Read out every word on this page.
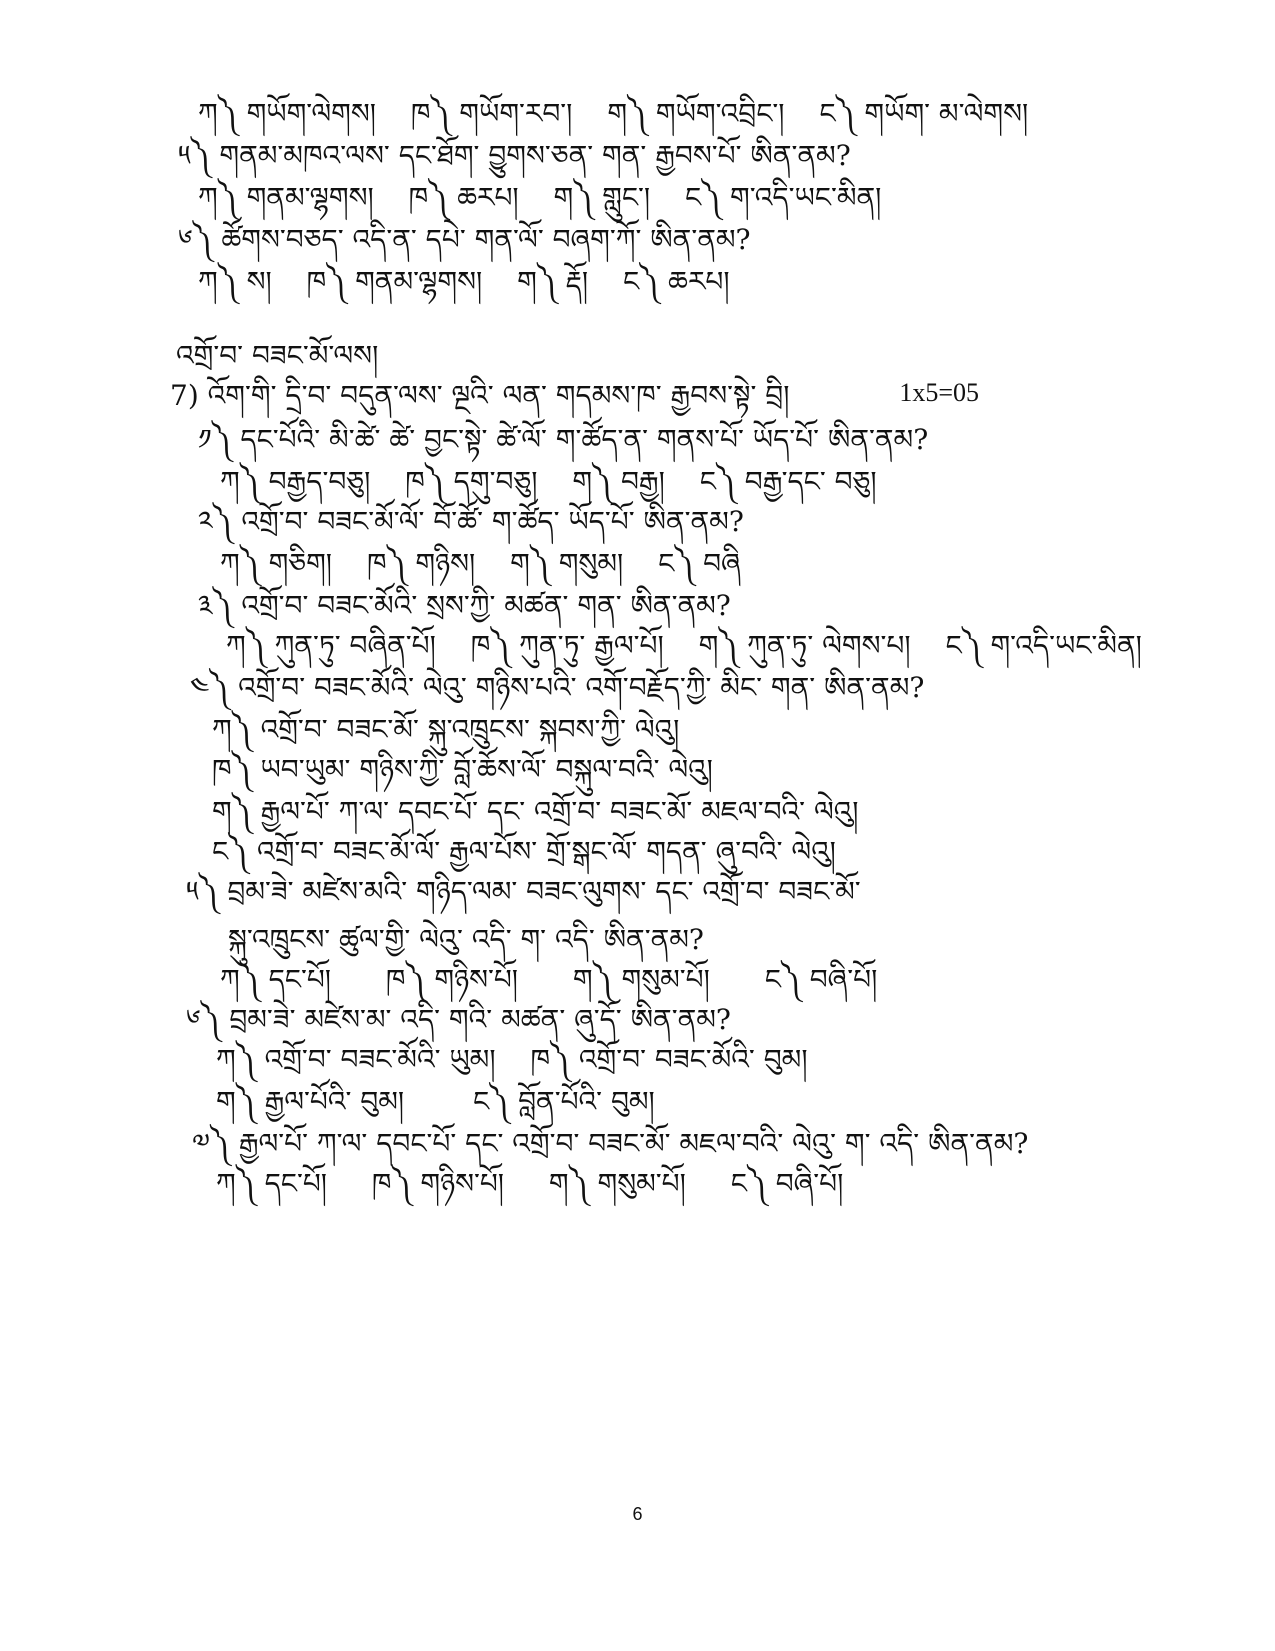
ཀ༽ གཡོག་ལེགས། ཁ༽ གཡོག་རབ་། ག༽ གཡོག་འབྲིང་། ང༽ གཡོག་ མ་ལེགས།
༥༽ གནམ་མཁའ་ལས་ དང་ཐོག་ བྱུགས་ཅན་ གན་ རྒྱབས་པོ་ ཨིན་ནམ?
ཀ༽ གནམ་ལྷགས། ཁ༽ ཆརཔ། ག༽ གླུང་། ང༽ ག་འདི་ཡང་མིན།
༦༽ ཚོགས་བཅད་ འདི་ན་ དཔེ་ གན་ལོ་ བཞག་ཀོ་ ཨིན་ནམ?
ཀ༽ ས། ཁ༽ གནམ་ལྷགས། ག༽ རྡོ། ང༽ ཆརཔ།
འགྲོ་བ་ བཟང་མོ་ལས།
7) འོག་གི་ དྲི་བ་ བདུན་ལས་ ལྔའི་ ལན་ གདམས་ཁ་ རྒྱབས་སྟེ་ བྲི།	1x5=05
༡༽ དང་པོའི་ མི་ཚེ་ ཚེ་ བྱང་སྟེ་ ཚེ་ལོ་ ག་ཚོད་ན་ གནས་པོ་ ཡོད་པོ་ ཨིན་ནམ?
ཀ༽ བརྒྱད་བཅུ། ཁ༽ དགུ་བཅུ། ག༽ བརྒྱ། ང༽ བརྒྱ་དང་ བཅུ།
༢༽ འགྲོ་བ་ བཟང་མོ་ལོ་ བོ་ཚོ་ ག་ཚོད་ ཡོད་པོ་ ཨིན་ནམ?
ཀ༽ གཅིག། ཁ༽ གཉིས། ག༽ གསུམ། ང༽ བཞི
༣༽ འགྲོ་བ་ བཟང་མོའི་ སྲས་ཀྱི་ མཚན་ གན་ ཨིན་ནམ?
ཀ༽ ཀུན་ཏུ་ བཞིན་པོ། ཁ༽ ཀུན་ཏུ་ རྒྱལ་པོ། ག༽ ཀུན་ཏུ་ ལེགས་པ། ང༽ ག་འདི་ཡང་མིན།
༤༽ འགྲོ་བ་ བཟང་མོའི་ ལེའུ་ གཉིས་པའི་ འགོ་བརྗོད་ཀྱི་ མིང་ གན་ ཨིན་ནམ?
ཀ༽ འགྲོ་བ་ བཟང་མོ་ སྐུ་འཁྲུངས་ སྐབས་ཀྱི་ ལེའུ།
ཁ༽ ཡབ་ཡུམ་ གཉིས་ཀྱི་ བློ་ཆོས་ལོ་ བསྐུལ་བའི་ ལེའུ།
ག༽ རྒྱལ་པོ་ ཀ་ལ་ དབང་པོ་ དང་ འགྲོ་བ་ བཟང་མོ་ མཇལ་བའི་ ལེའུ།
ང༽ འགྲོ་བ་ བཟང་མོ་ལོ་ རྒྱལ་པོས་ གྲོ་སྒང་ལོ་ གདན་ ཞུ་བའི་ ལེའུ།
༥༽ བྲམ་ཟེ་ མཛེས་མའི་ གཉིད་ལམ་ བཟང་ལུགས་ དང་ འགྲོ་བ་ བཟང་མོ་
སྐུ་འཁྲུངས་ ཚུལ་གྱི་ ལེའུ་ འདི་ ག་ འདི་ ཨིན་ནམ?
ཀ༽ དང་པོ། ཁ༽ གཉིས་པོ། ག༽ གསུམ་པོ། ང༽ བཞི་པོ།
༦༽ བྲམ་ཟེ་ མཛེས་མ་ འདི་ གའི་ མཚན་ ཞུ་དོ་ ཨིན་ནམ?
ཀ༽ འགྲོ་བ་ བཟང་མོའི་ ཡུམ། ཁ༽ འགྲོ་བ་ བཟང་མོའི་ བུམ།
ག༽ རྒྱལ་པོའི་ བུམ། ང༽ བློན་པོའི་ བུམ།
༧༽ རྒྱལ་པོ་ ཀ་ལ་ དབང་པོ་ དང་ འགྲོ་བ་ བཟང་མོ་ མཇལ་བའི་ ལེའུ་ ག་ འདི་ ཨིན་ནམ?
ཀ༽ དང་པོ། ཁ༽ གཉིས་པོ། ག༽ གསུམ་པོ། ང༽ བཞི་པོ།
6
